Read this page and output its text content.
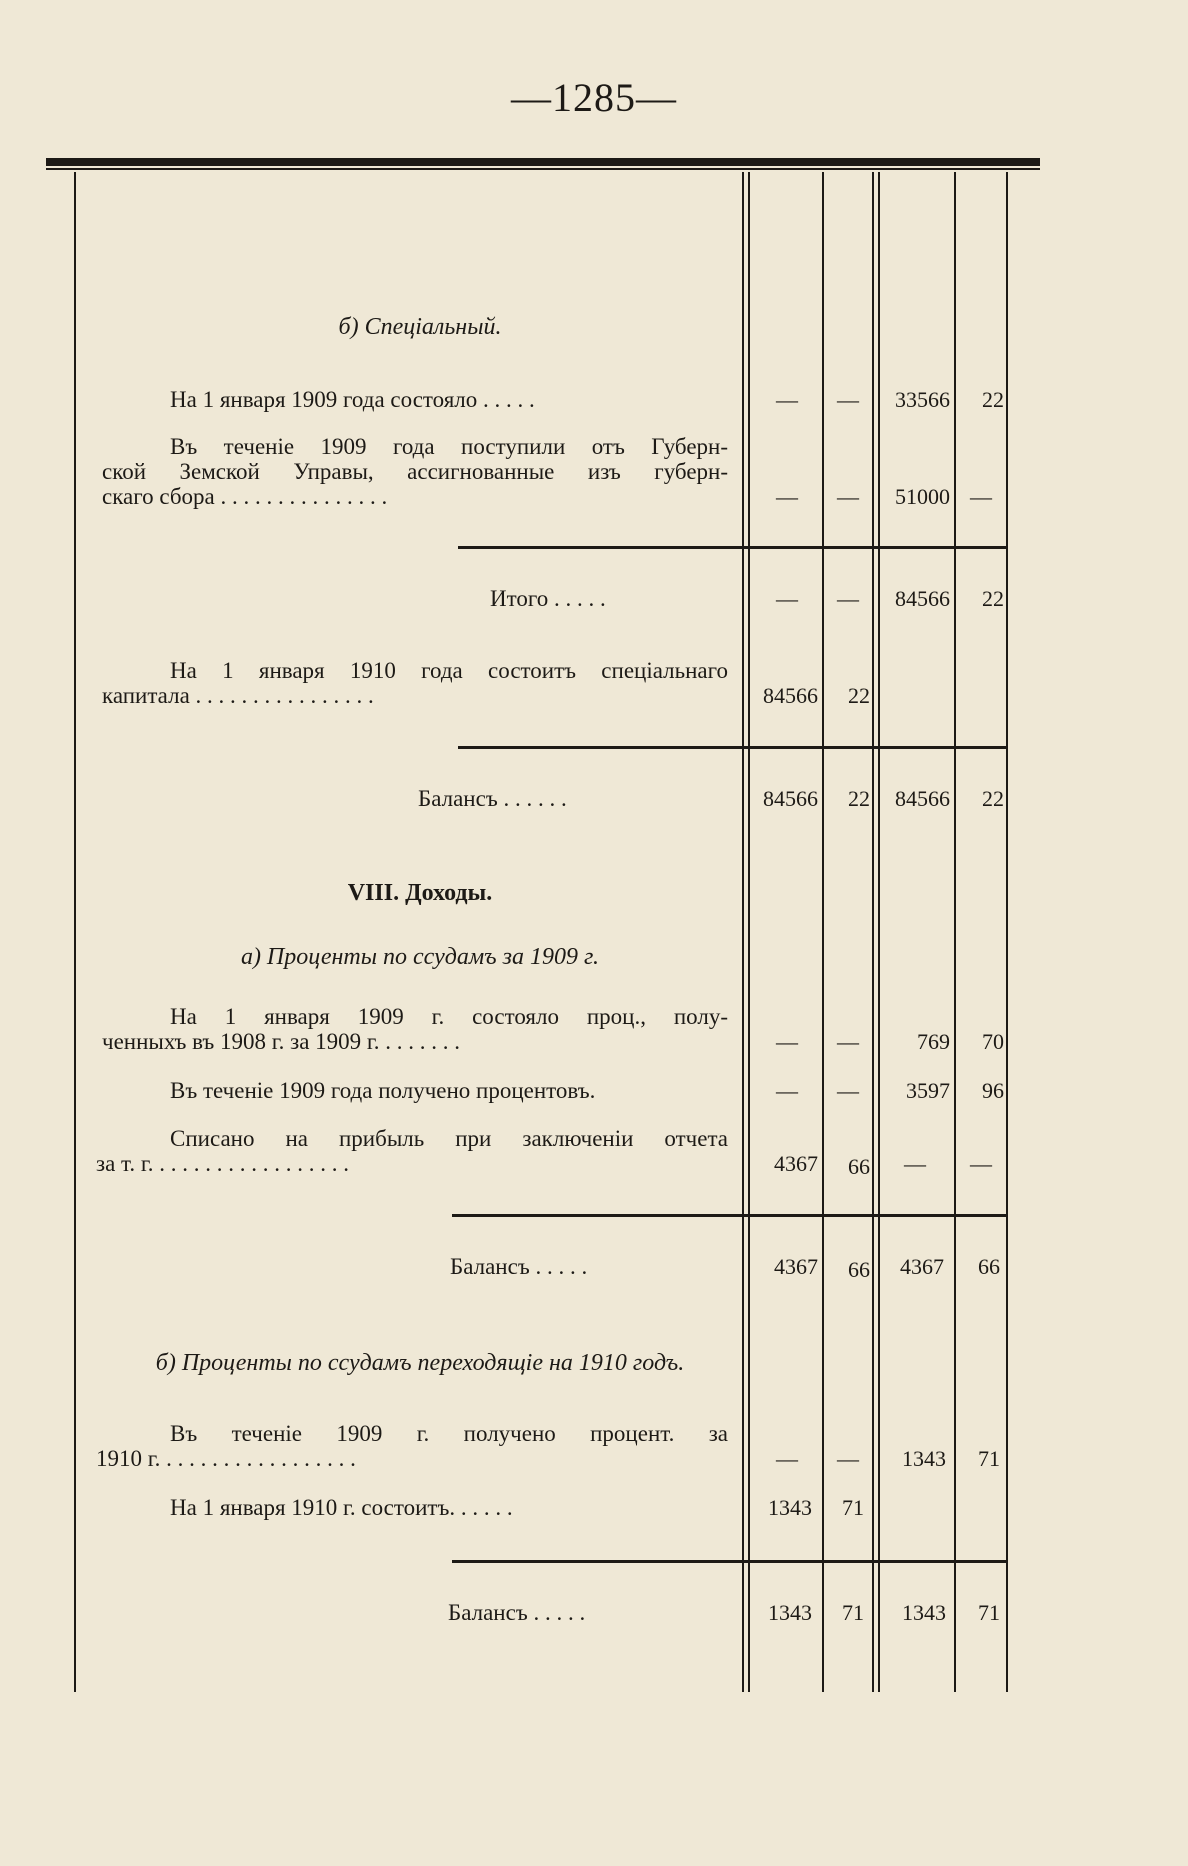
—1285—
б) Спеціальный.
VIII. Доходы.
а) Проценты по ссудамъ за 1909 г.
б) Проценты по ссудамъ переходящіе на 1910 годъ.
На 1 января 1909 года состояло . . . . .	—	—	33566	22
Въ теченіе 1909 года поступили отъ Губерн-
ской Земской Управы, ассигнованные изъ губерн-
скаго сбора . . . . . . . . . . . . . . .	—	—	51000 —
Итого . . . . .	—	—	84566	22
На 1 января 1910 года состоитъ спеціальнаго
капитала . . . . . . . . . . . . . . . .	84566	22
Балансъ . . . . . .	84566	22	84566	22
На 1 января 1909 г. состояло проц., полу-
ченныхъ въ 1908 г. за 1909 г. . . . . . . .	—	—	769	70
Въ теченіе 1909 года получено процентовъ.	—	—	3597	96
Списано на прибыль при заключеніи отчета
за т. г. . . . . . . . . . . . . . . . . .	4367	66	—	—
Балансъ . . . . .	4367	66	4367	66
Въ теченіе 1909 г. получено процент. за
1910 г. . . . . . . . . . . . . . . . . .	—	—	1343	71
На 1 января 1910 г. состоитъ. . . . . .	1343	71
Балансъ . . . . .	1343	71	1343	71
